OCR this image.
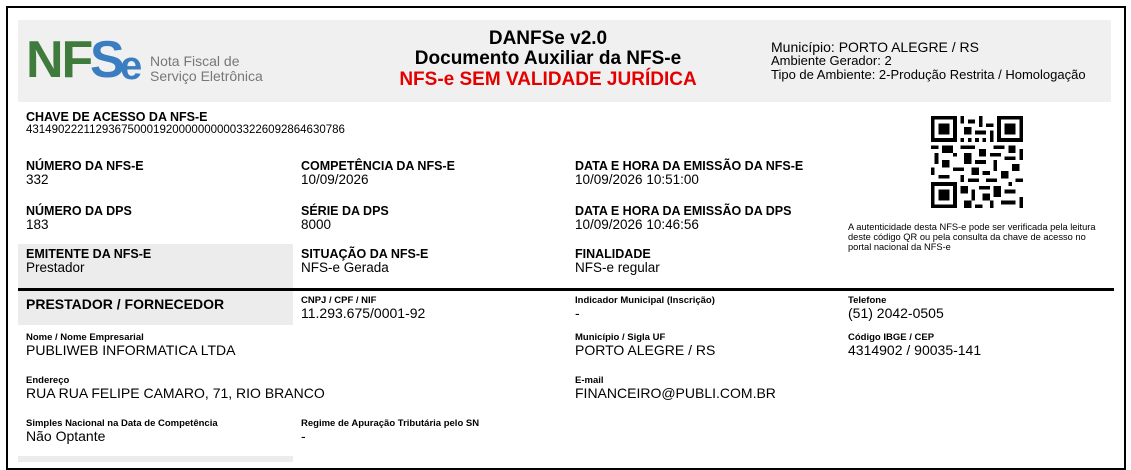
NF
S
e Nota Fiscal de
Serviço Eletrônica
DANFSe v2.0
Documento Auxiliar da NFS-e
NFS-e SEM VALIDADE JURÍDICA
Município: PORTO ALEGRE / RS
Ambiente Gerador: 2
Tipo de Ambiente: 2-Produção Restrita / Homologação
CHAVE DE ACESSO DA NFS-E
43149022211293675000192000000000033226092864630786
NÚMERO DA NFS-E
332
COMPETÊNCIA DA NFS-E
10/09/2026
DATA E HORA DA EMISSÃO DA NFS-E
10/09/2026 10:51:00
NÚMERO DA DPS
183
SÉRIE DA DPS
8000
DATA E HORA DA EMISSÃO DA DPS
10/09/2026 10:46:56
EMITENTE DA NFS-E
Prestador
SITUAÇÃO DA NFS-E
NFS-e Gerada
FINALIDADE
NFS-e regular
A autenticidade desta NFS-e pode ser verificada pela leitura deste código QR ou pela consulta da chave de acesso no portal nacional da NFS-e
PRESTADOR / FORNECEDOR	CNPJ / CPF / NIF
11.293.675/0001-92
Indicador Municipal (Inscrição)
-
Telefone
(51) 2042-0505
Nome / Nome Empresarial
PUBLIWEB INFORMATICA LTDA
Município / Sigla UF
PORTO ALEGRE / RS
Código IBGE / CEP
4314902 / 90035-141
Endereço
RUA RUA FELIPE CAMARO, 71, RIO BRANCO
E-mail
FINANCEIRO@PUBLI.COM.BR
Simples Nacional na Data de Competência
Não Optante
Regime de Apuração Tributária pelo SN
-
